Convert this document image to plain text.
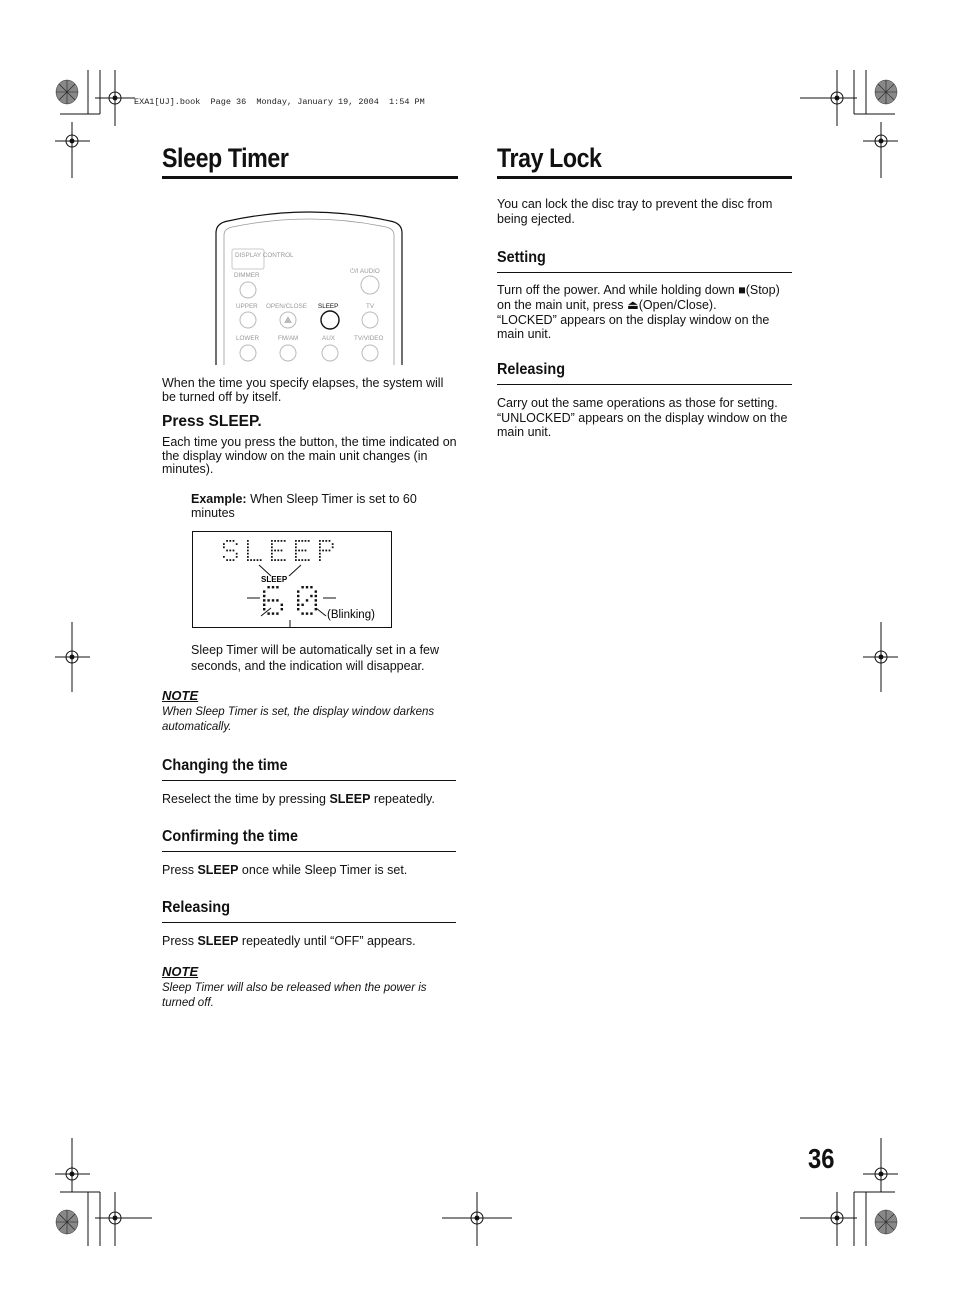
EXA1[UJ].book  Page 36  Monday, January 19, 2004  1:54 PM
Sleep Timer
DISPLAY CONTROL
DIMMER
UPPER OPEN/CLOSE SLEEP	TV
LOWER	FM/AM	AUX	TV/VIDEO
⏻/I AUDIO
When the time you specify elapses, the system will be turned off by itself.
Press SLEEP.
Each time you press the button, the time indicated on the display window on the main unit changes (in minutes).
Example: When Sleep Timer is set to 60 minutes
SLEEP
(Blinking)
Sleep Timer will be automatically set in a few seconds, and the indication will disappear.
NOTE
When Sleep Timer is set, the display window darkens automatically.
Changing the time
Reselect the time by pressing SLEEP repeatedly.
Confirming the time
Press SLEEP once while Sleep Timer is set.
Releasing
Press SLEEP repeatedly until “OFF” appears.
NOTE
Sleep Timer will also be released when the power is turned off.
Tray Lock
You can lock the disc tray to prevent the disc from being ejected.
Setting
Turn off the power. And while holding down ■(Stop)
on the main unit, press ⏏(Open/Close).
“LOCKED” appears on the display window on the main unit.
Releasing
Carry out the same operations as those for setting. “UNLOCKED” appears on the display window on the main unit.
36
